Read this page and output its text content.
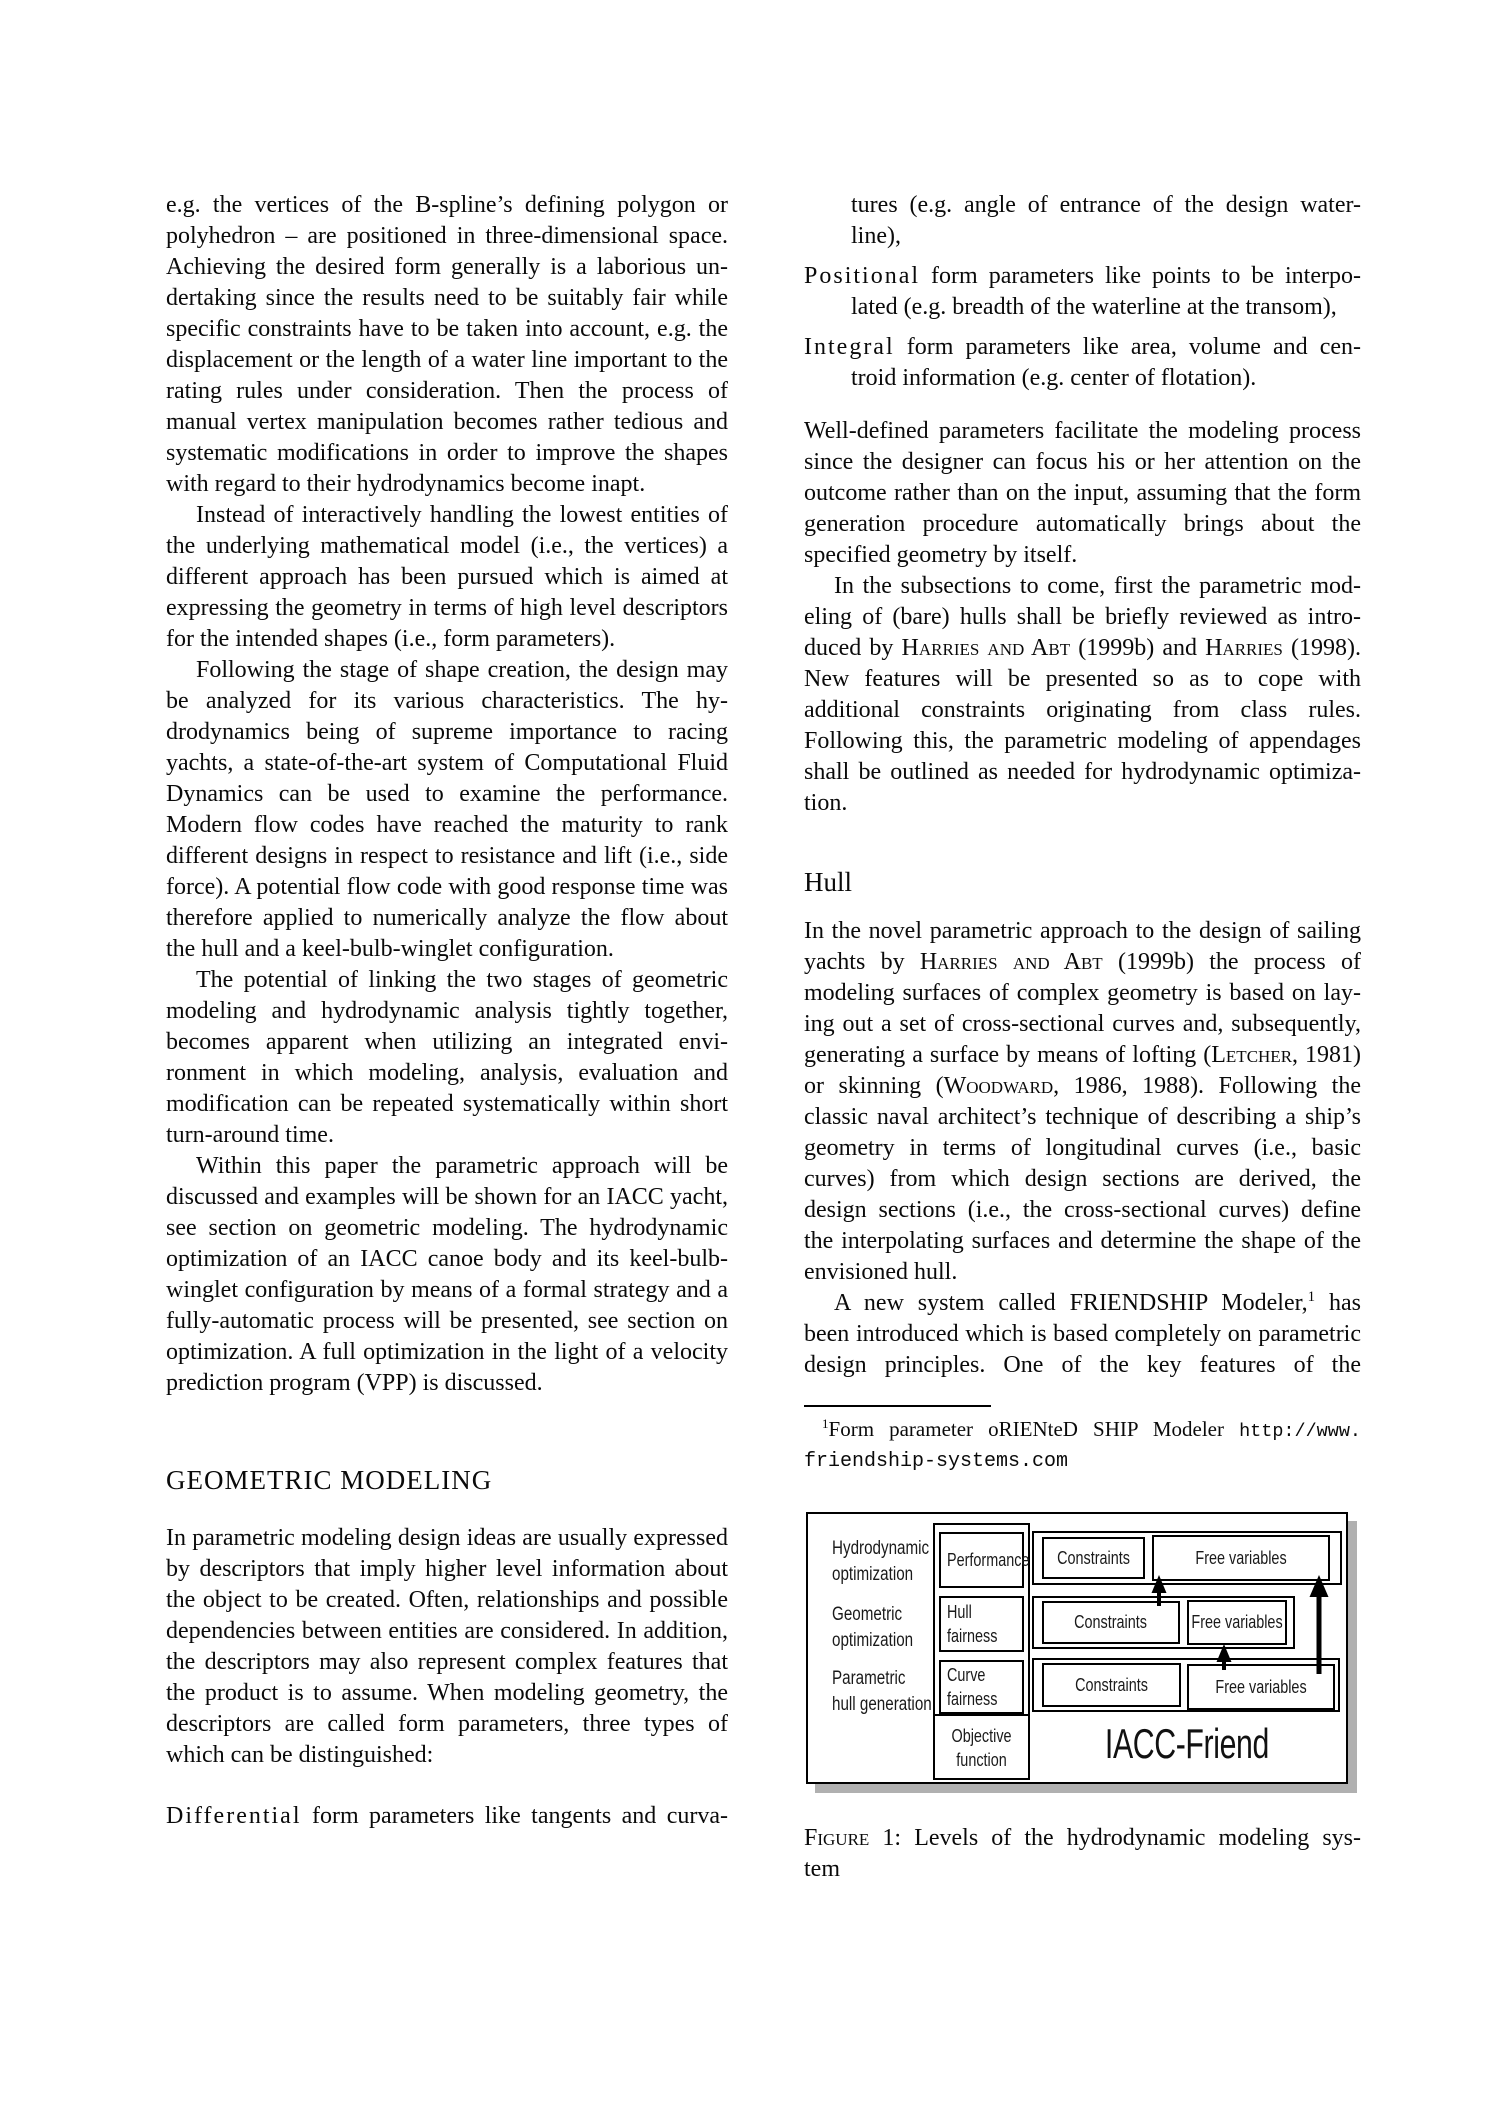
e.g. the vertices of the B-spline’s defining polygon or polyhedron – are positioned in three-dimensional space. Achieving the desired form generally is a laborious undertaking since the results need to be suitably fair while specific constraints have to be taken into account, e.g. the displacement or the length of a water line important to the rating rules under consideration. Then the process of manual vertex manipulation becomes rather tedious and systematic modifications in order to improve the shapes with regard to their hydrodynamics become inapt.

Instead of interactively handling the lowest entities of the underlying mathematical model (i.e., the vertices) a different approach has been pursued which is aimed at expressing the geometry in terms of high level descriptors for the intended shapes (i.e., form parameters).

Following the stage of shape creation, the design may be analyzed for its various characteristics. The hydrodynamics being of supreme importance to racing yachts, a state-of-the-art system of Computational Fluid Dynamics can be used to examine the performance. Modern flow codes have reached the maturity to rank different designs in respect to resistance and lift (i.e., side force). A potential flow code with good response time was therefore applied to numerically analyze the flow about the hull and a keel-bulb-winglet configuration.

The potential of linking the two stages of geometric modeling and hydrodynamic analysis tightly together, becomes apparent when utilizing an integrated environment in which modeling, analysis, evaluation and modification can be repeated systematically within short turn-around time.

Within this paper the parametric approach will be discussed and examples will be shown for an IACC yacht, see section on geometric modeling. The hydrodynamic optimization of an IACC canoe body and its keel-bulb-winglet configuration by means of a formal strategy and a fully-automatic process will be presented, see section on optimization. A full optimization in the light of a velocity prediction program (VPP) is discussed.

GEOMETRIC MODELING

In parametric modeling design ideas are usually expressed by descriptors that imply higher level information about the object to be created. Often, relationships and possible dependencies between entities are considered. In addition, the descriptors may also represent complex features that the product is to assume. When modeling geometry, the descriptors are called form parameters, three types of which can be distinguished:

Differential form parameters like tangents and curva-
tures (e.g. angle of entrance of the design water-
line),
Positional form parameters like points to be interpo-
lated (e.g. breadth of the waterline at the transom),
Integral form parameters like area, volume and cen-
troid information (e.g. center of flotation).

Well-defined parameters facilitate the modeling process since the designer can focus his or her attention on the outcome rather than on the input, assuming that the form generation procedure automatically brings about the specified geometry by itself.

In the subsections to come, first the parametric modeling of (bare) hulls shall be briefly reviewed as introduced by Harries and Abt (1999b) and Harries (1998). New features will be presented so as to cope with additional constraints originating from class rules. Following this, the parametric modeling of appendages shall be outlined as needed for hydrodynamic optimization.

Hull

In the novel parametric approach to the design of sailing yachts by Harries and Abt (1999b) the process of modeling surfaces of complex geometry is based on laying out a set of cross-sectional curves and, subsequently, generating a surface by means of lofting (Letcher, 1981) or skinning (Woodward, 1986, 1988). Following the classic naval architect’s technique of describing a ship’s geometry in terms of longitudinal curves (i.e., basic curves) from which design sections are derived, the design sections (i.e., the cross-sectional curves) define the interpolating surfaces and determine the shape of the envisioned hull.

A new system called FRIENDSHIP Modeler,$^1$ has been introduced which is based completely on parametric design principles. One of the key features of the

$^1$Form parameter oRIENteD SHIP Modeler http://www.
friendship-systems.com
Hydrodynamic
optimization
Geometric
optimization
Parametric
hull generation
Performance
Hull
fairness
Curve
fairness
Objective
function
Constraints	Free variables
Constraints Free variables
Constraints	Free variables
IACC-Friend
Figure 1: Levels of the hydrodynamic modeling sys-
tem
